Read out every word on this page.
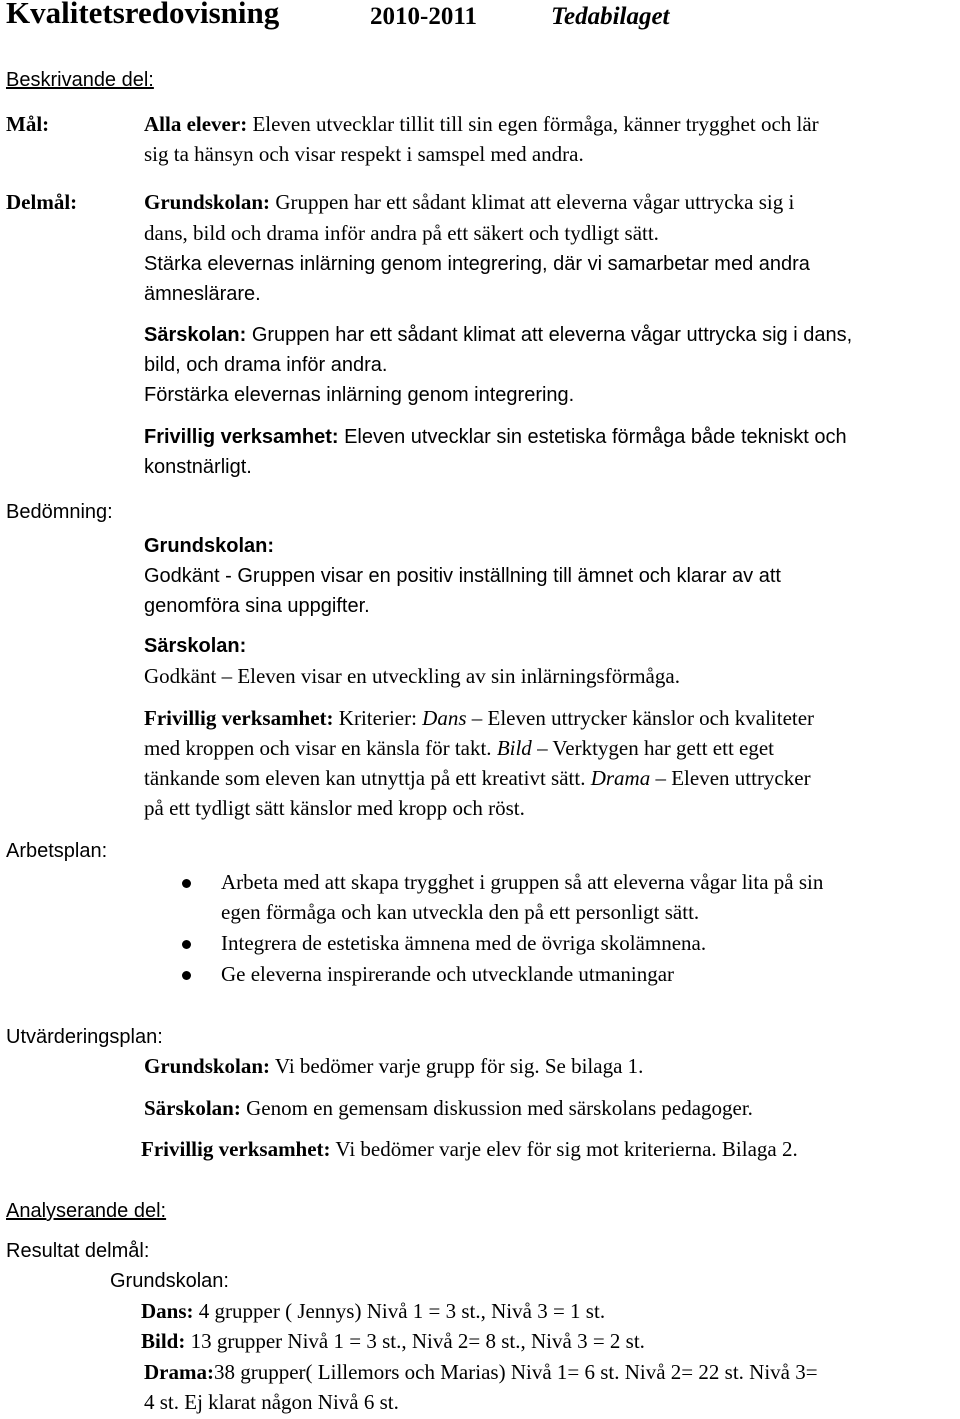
Kvalitetsredovisning	2010-2011	Tedabilaget
Beskrivande del:
Mål:	Alla elever: Eleven utvecklar tillit till sin egen förmåga, känner trygghet och lär
sig ta hänsyn och visar respekt i samspel med andra.
Delmål:	Grundskolan: Gruppen har ett sådant klimat att eleverna vågar uttrycka sig i
dans, bild och drama inför andra på ett säkert och tydligt sätt.
Stärka elevernas inlärning genom integrering, där vi samarbetar med andra
ämneslärare.
Särskolan: Gruppen har ett sådant klimat att eleverna vågar uttrycka sig i dans,
bild, och drama inför andra.
Förstärka elevernas inlärning genom integrering.
Frivillig verksamhet: Eleven utvecklar sin estetiska förmåga både tekniskt och
konstnärligt.
Bedömning:
Grundskolan:
Godkänt - Gruppen visar en positiv inställning till ämnet och klarar av att
genomföra sina uppgifter.
Särskolan:
Godkänt – Eleven visar en utveckling av sin inlärningsförmåga.
Frivillig verksamhet: Kriterier: Dans – Eleven uttrycker känslor och kvaliteter
med kroppen och visar en känsla för takt. Bild – Verktygen har gett ett eget
tänkande som eleven kan utnyttja på ett kreativt sätt. Drama – Eleven uttrycker
på ett tydligt sätt känslor med kropp och röst.
Arbetsplan:
Arbeta med att skapa trygghet i gruppen så att eleverna vågar lita på sin
egen förmåga och kan utveckla den på ett personligt sätt.
Integrera de estetiska ämnena med de övriga skolämnena.
Ge eleverna inspirerande och utvecklande utmaningar
Utvärderingsplan:
Grundskolan: Vi bedömer varje grupp för sig. Se bilaga 1.
Särskolan: Genom en gemensam diskussion med särskolans pedagoger.
Frivillig verksamhet: Vi bedömer varje elev för sig mot kriterierna. Bilaga 2.
Analyserande del:
Resultat delmål:
Grundskolan:
Dans: 4 grupper ( Jennys) Nivå 1 = 3 st., Nivå 3 = 1 st.
Bild: 13 grupper Nivå 1 = 3 st., Nivå 2= 8 st., Nivå 3 = 2 st.
Drama:38 grupper( Lillemors och Marias) Nivå 1= 6 st. Nivå 2= 22 st. Nivå 3=
4 st. Ej klarat någon Nivå 6 st.
